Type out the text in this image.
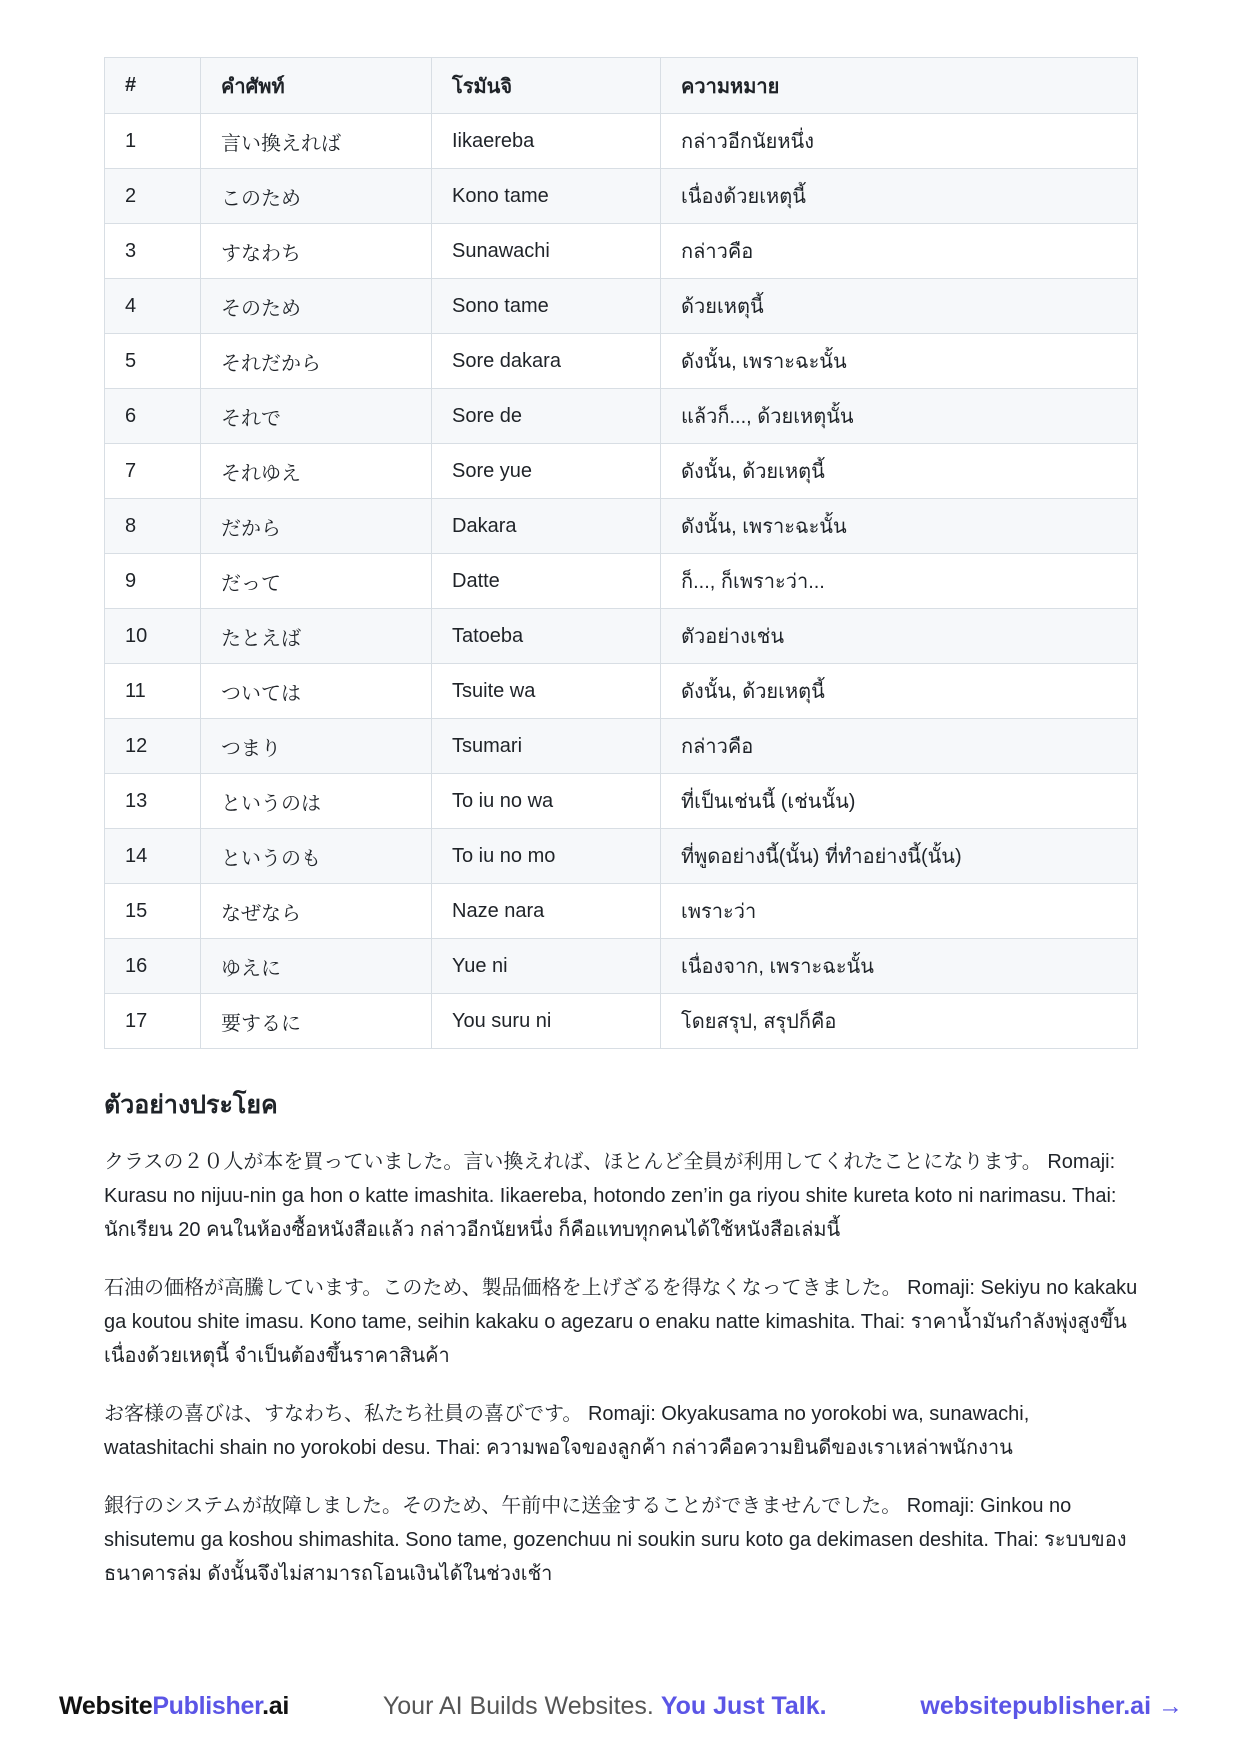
#	คำศัพท์	โรมันจิ	ความหมาย
1	言い換えれば	Iikaereba	กล่าวอีกนัยหนึ่ง
2	このため	Kono tame	เนื่องด้วยเหตุนี้
3	すなわち	Sunawachi	กล่าวคือ
4	そのため	Sono tame	ด้วยเหตุนี้
5	それだから	Sore dakara	ดังนั้น, เพราะฉะนั้น
6	それで	Sore de	แล้วก็..., ด้วยเหตุนั้น
7	それゆえ	Sore yue	ดังนั้น, ด้วยเหตุนี้
8	だから	Dakara	ดังนั้น, เพราะฉะนั้น
9	だって	Datte	ก็..., ก็เพราะว่า...
10	たとえば	Tatoeba	ตัวอย่างเช่น
11	ついては	Tsuite wa	ดังนั้น, ด้วยเหตุนี้
12	つまり	Tsumari	กล่าวคือ
13	というのは	To iu no wa	ที่เป็นเช่นนี้ (เช่นนั้น)
14	というのも	To iu no mo	ที่พูดอย่างนี้(นั้น) ที่ทำอย่างนี้(นั้น)
15	なぜなら	Naze nara	เพราะว่า
16	ゆえに	Yue ni	เนื่องจาก, เพราะฉะนั้น
17	要するに	You suru ni	โดยสรุป, สรุปก็คือ
ตัวอย่างประโยค

クラスの２０人が本を買っていました。言い換えれば、ほとんど全員が利用してくれたことになります。 Romaji: Kurasu no nijuu-nin ga hon o katte imashita. Iikaereba, hotondo zen’in ga riyou shite kureta koto ni narimasu. Thai: นักเรียน 20 คนในห้องซื้อหนังสือแล้ว กล่าวอีกนัยหนึ่ง ก็คือแทบทุกคนได้ใช้หนังสือเล่มนี้

石油の価格が高騰しています。このため、製品価格を上げざるを得なくなってきました。 Romaji: Sekiyu no kakaku ga koutou shite imasu. Kono tame, seihin kakaku o agezaru o enaku natte kimashita. Thai: ราคาน้ำมันกำลังพุ่งสูงขึ้น เนื่องด้วยเหตุนี้ จำเป็นต้องขึ้นราคาสินค้า

お客様の喜びは、すなわち、私たち社員の喜びです。 Romaji: Okyakusama no yorokobi wa, sunawachi, watashitachi shain no yorokobi desu. Thai: ความพอใจของลูกค้า กล่าวคือความยินดีของเราเหล่าพนักงาน

銀行のシステムが故障しました。そのため、午前中に送金することができませんでした。 Romaji: Ginkou no shisutemu ga koshou shimashita. Sono tame, gozenchuu ni soukin suru koto ga dekimasen deshita. Thai: ระบบของธนาคารล่ม ดังนั้นจึงไม่สามารถโอนเงินได้ในช่วงเช้า

WebsitePublisher.ai	Your AI Builds Websites. You Just Talk.	websitepublisher.ai →
